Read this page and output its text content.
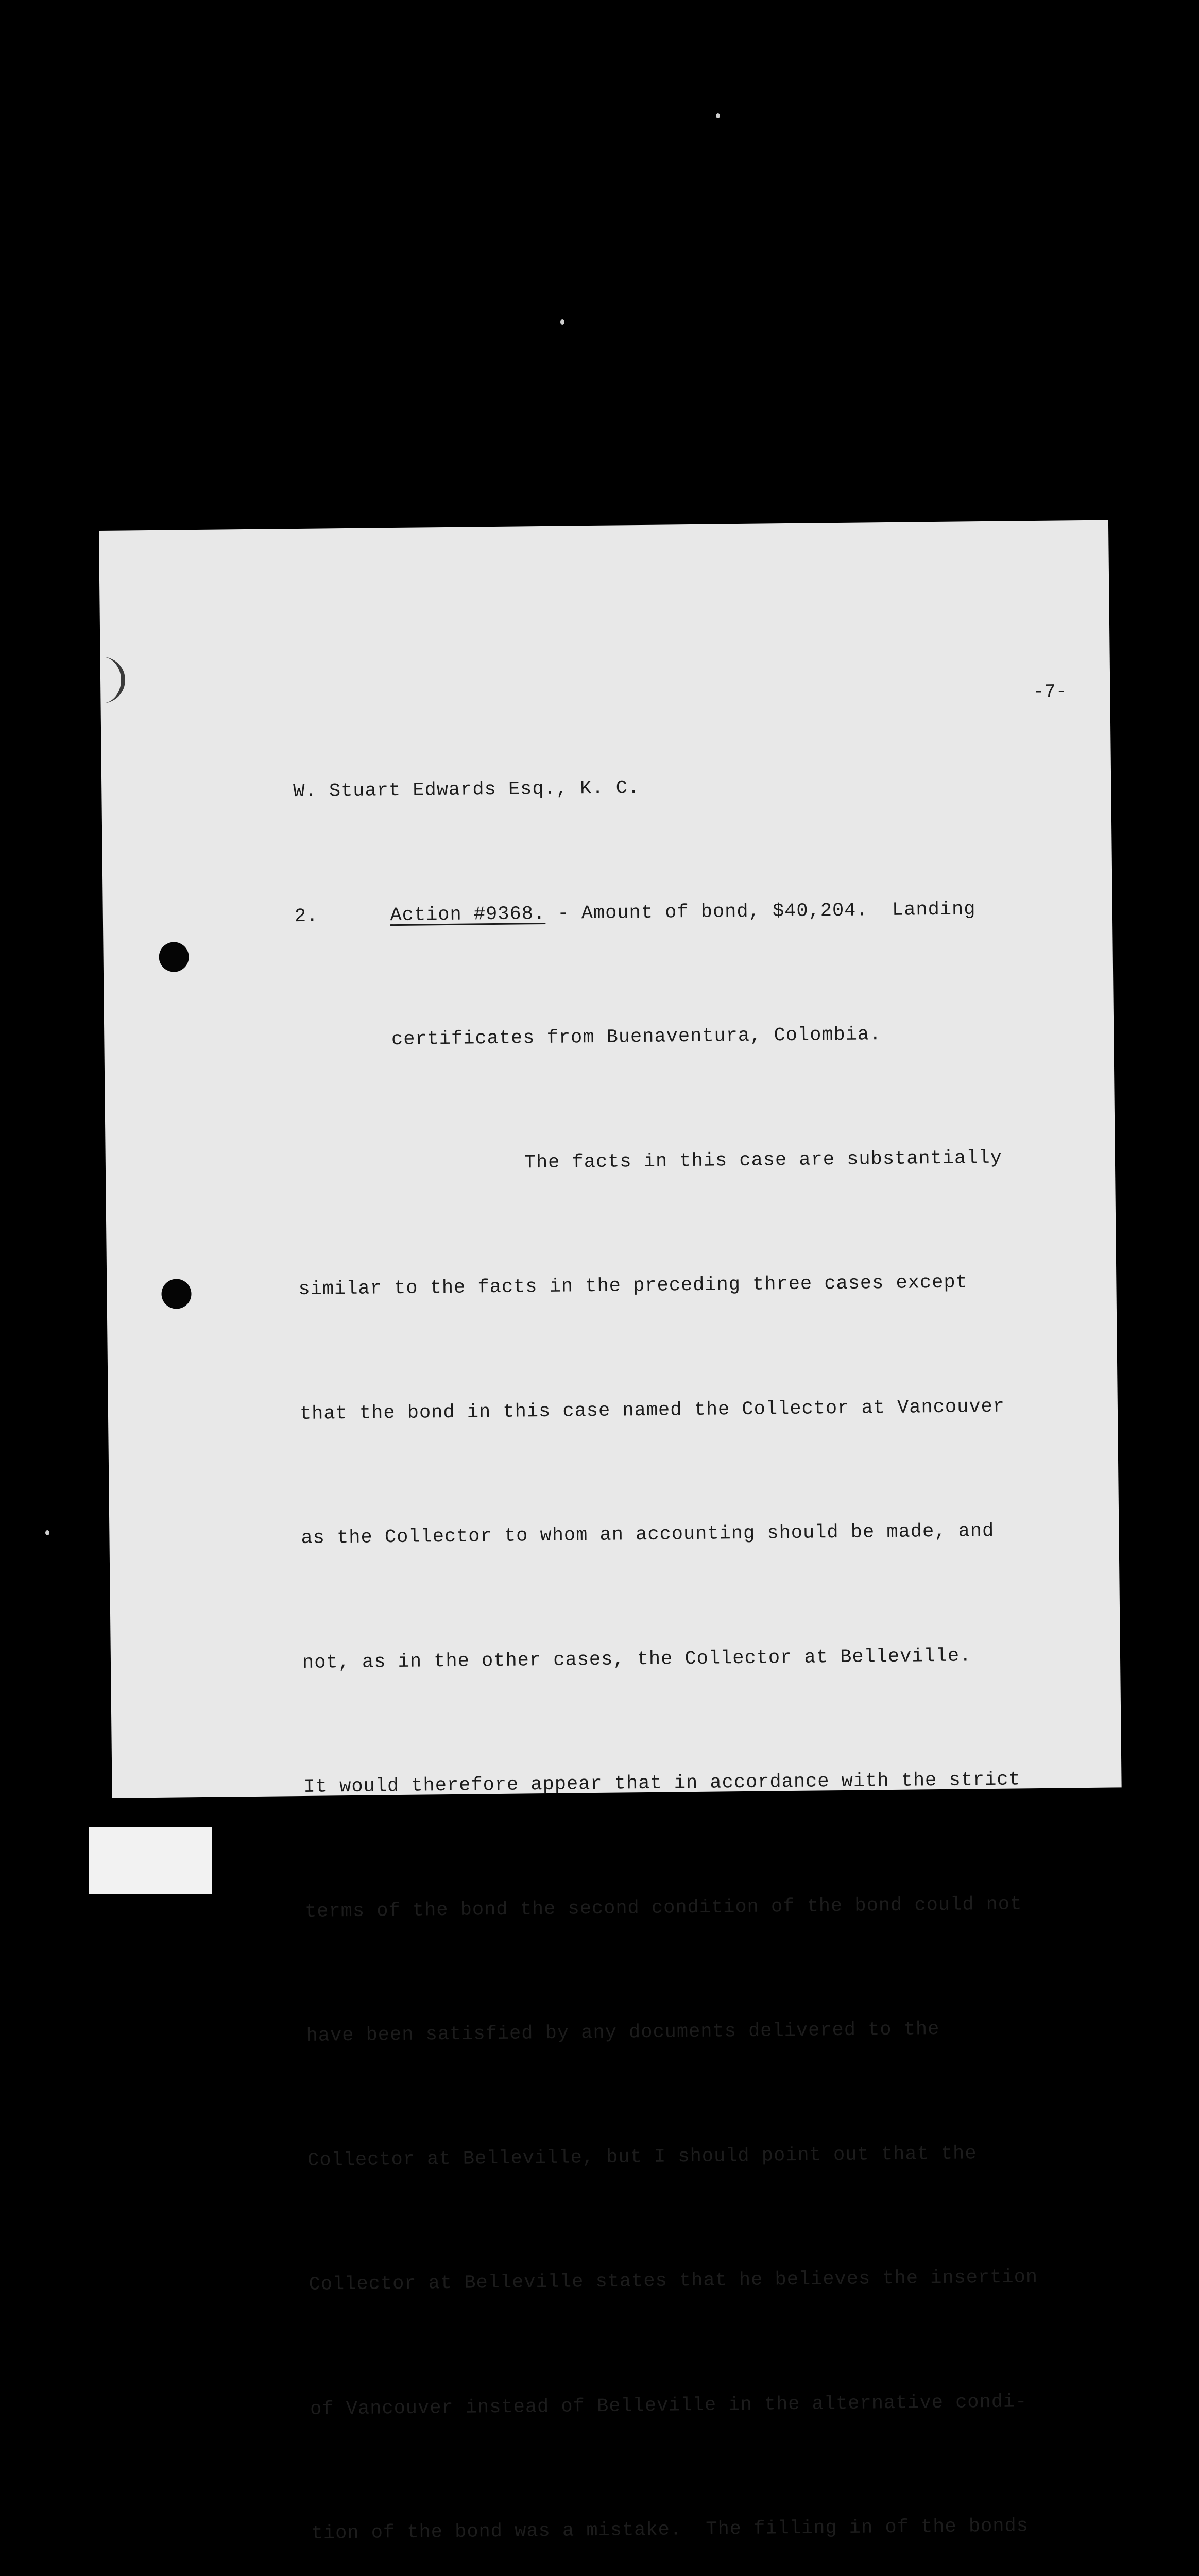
-7-

W. Stuart Edwards Esq., K. C.

2.	Action #9368. - Amount of bond, $40,204.  Landing

certificates from Buenaventura, Colombia.

The facts in this case are substantially

similar to the facts in the preceding three cases except

that the bond in this case named the Collector at Vancouver

as the Collector to whom an accounting should be made, and

not, as in the other cases, the Collector at Belleville.

It would therefore appear that in accordance with the strict

terms of the bond the second condition of the bond could not

have been satisfied by any documents delivered to the

Collector at Belleville, but I should point out that the

Collector at Belleville states that he believes the insertion

of Vancouver instead of Belleville in the alternative condi-

tion of the bond was a mistake.  The filling in of the bonds
